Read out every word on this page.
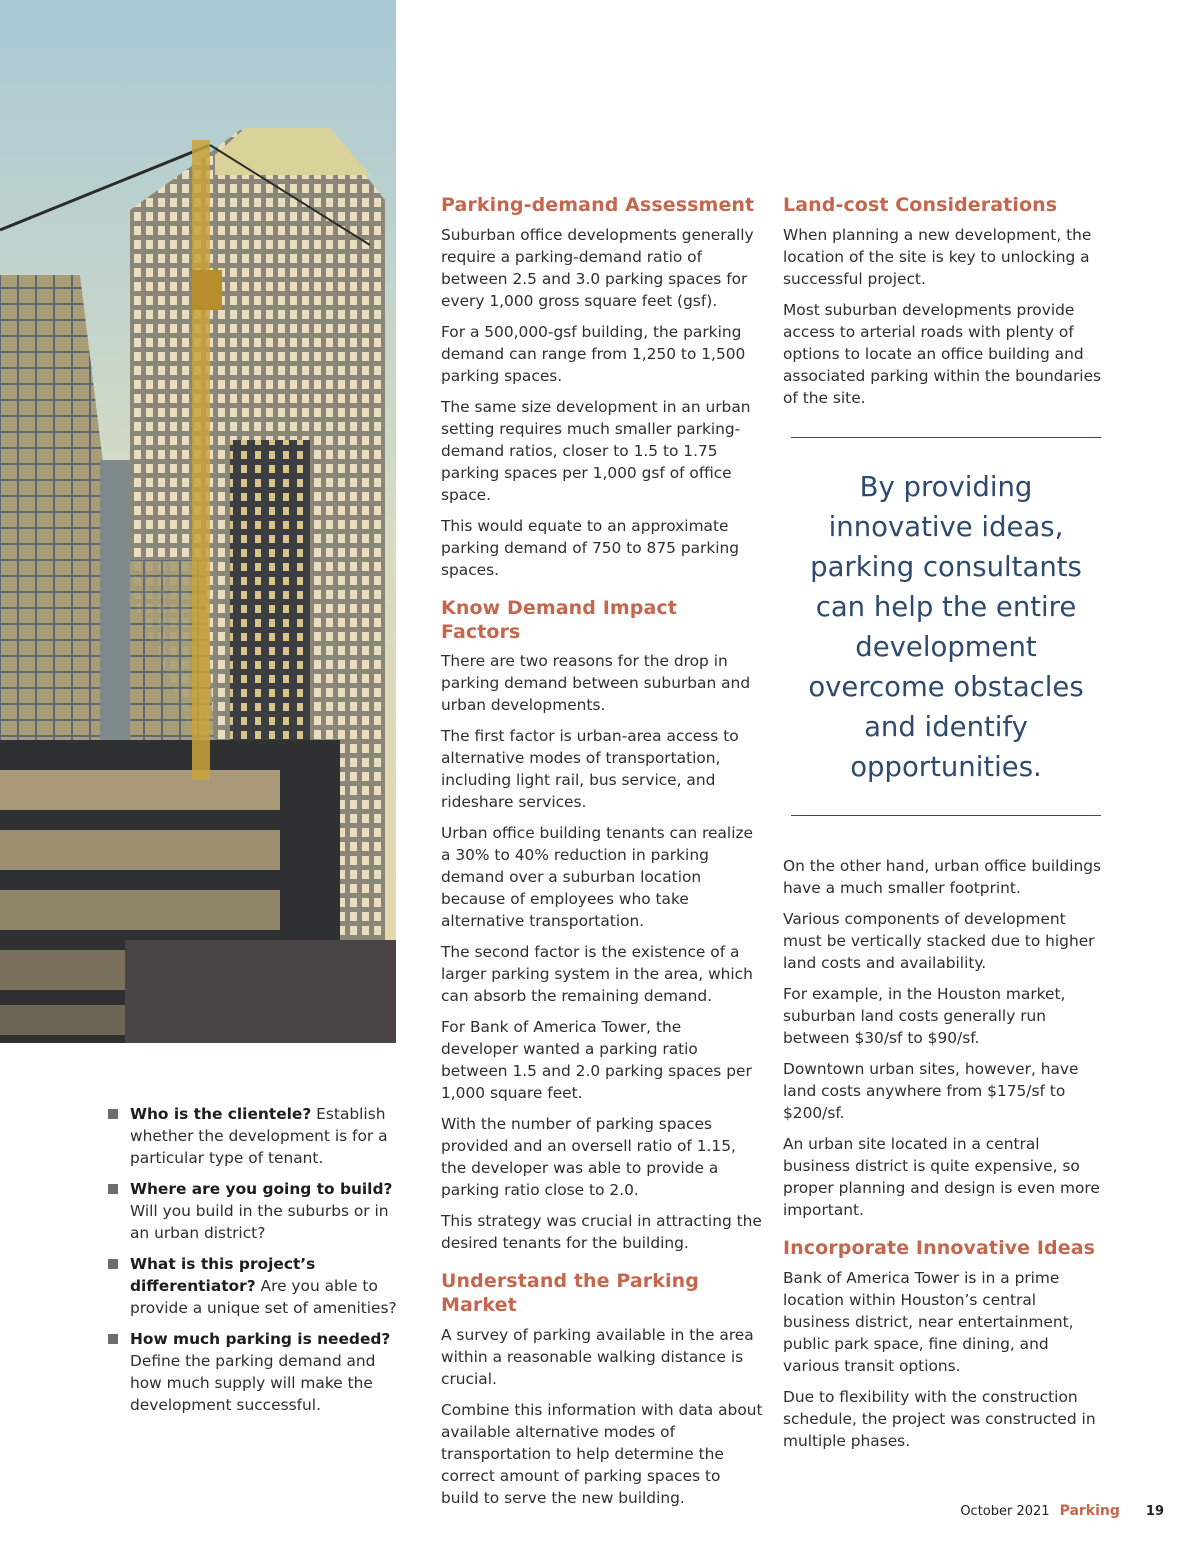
Parking-demand Assessment

Suburban office developments generally require a parking-demand ratio of between 2.5 and 3.0 parking spaces for every 1,000 gross square feet (gsf).

For a 500,000-gsf building, the parking demand can range from 1,250 to 1,500 parking spaces.

The same size development in an urban setting requires much smaller parking-demand ratios, closer to 1.5 to 1.75 parking spaces per 1,000 gsf of office space.

This would equate to an approximate parking demand of 750 to 875 parking spaces.

Know Demand Impact Factors

There are two reasons for the drop in parking demand between suburban and urban developments.

The first factor is urban-area access to alternative modes of transportation, including light rail, bus service, and rideshare services.

Urban office building tenants can realize a 30% to 40% reduction in parking demand over a suburban location because of employees who take alternative transportation.

The second factor is the existence of a larger parking system in the area, which can absorb the remaining demand.

For Bank of America Tower, the developer wanted a parking ratio between 1.5 and 2.0 parking spaces per 1,000 square feet.

With the number of parking spaces provided and an oversell ratio of 1.15, the developer was able to provide a parking ratio close to 2.0.

This strategy was crucial in attracting the desired tenants for the building.

Understand the Parking Market

A survey of parking available in the area within a reasonable walking distance is crucial.

Combine this information with data about available alternative modes of transportation to help determine the correct amount of parking spaces to build to serve the new building.

Land-cost Considerations

When planning a new development, the location of the site is key to unlocking a successful project.

Most suburban developments provide access to arterial roads with plenty of options to locate an office building and associated parking within the boundaries of the site.

By providing innovative ideas, parking consultants can help the entire development overcome obstacles and identify opportunities.

On the other hand, urban office buildings have a much smaller footprint.

Various components of development must be vertically stacked due to higher land costs and availability.

For example, in the Houston market, suburban land costs generally run between $30/sf to $90/sf.

Downtown urban sites, however, have land costs anywhere from $175/sf to $200/sf.

An urban site located in a central business district is quite expensive, so proper planning and design is even more important.

Incorporate Innovative Ideas

Bank of America Tower is in a prime location within Houston’s central business district, near entertainment, public park space, fine dining, and various transit options.

Due to flexibility with the construction schedule, the project was constructed in multiple phases.

Who is the clientele? Establish whether the development is for a particular type of tenant.
Where are you going to build? Will you build in the suburbs or in an urban district?
What is this project’s differentiator? Are you able to provide a unique set of amenities?
How much parking is needed? Define the parking demand and how much supply will make the development successful.
October 2021 Parking 19
